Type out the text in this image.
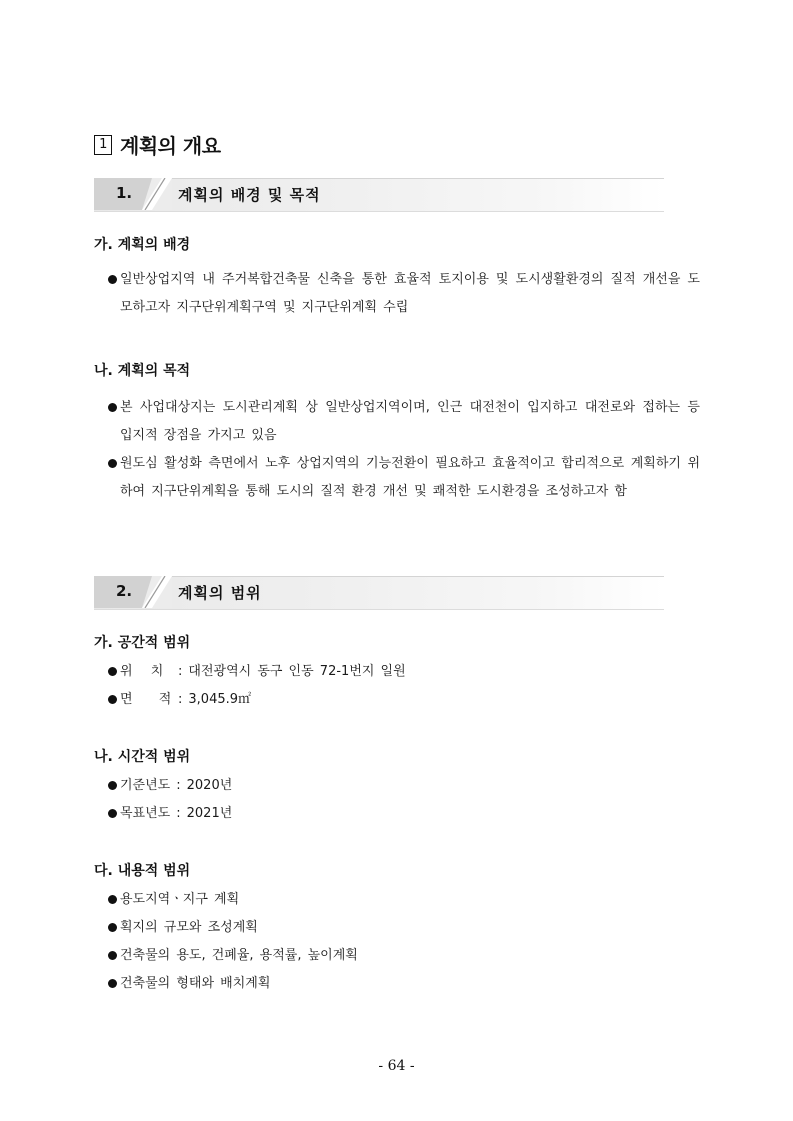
1 계획의 개요
1.	계획의 배경 및 목적
가. 계획의 배경
일반상업지역 내 주거복합건축물 신축을 통한 효율적 토지이용 및 도시생활환경의 질적 개선을 도모하고자 지구단위계획구역 및 지구단위계획 수립
나. 계획의 목적
본 사업대상지는 도시관리계획 상 일반상업지역이며, 인근 대전천이 입지하고 대전로와 접하는 등 입지적 장점을 가지고 있음
원도심 활성화 측면에서 노후 상업지역의 기능전환이 필요하고 효율적이고 합리적으로 계획하기 위하여 지구단위계획을 통해 도시의 질적 환경 개선 및 쾌적한 도시환경을 조성하고자 함
2.	계획의 범위
가. 공간적 범위
위 치 : 대전광역시 동구 인동 72-1번지 일원
면 적 : 3,045.9㎡
나. 시간적 범위
기준년도 : 2020년
목표년도 : 2021년
다. 내용적 범위
용도지역ㆍ지구 계획
획지의 규모와 조성계획
건축물의 용도, 건폐율, 용적률, 높이계획
건축물의 형태와 배치계획
- 64 -
